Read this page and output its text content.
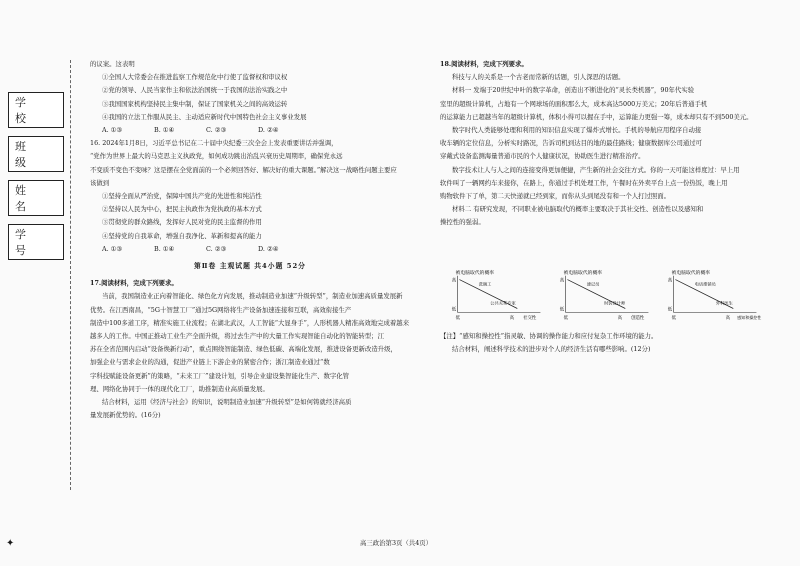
学 校
班 级
姓 名
学 号
的议案。这表明
①全国人大常委会在推进监察工作规范化中行使了监督权和审议权
②党的领导、人民当家作主和依法治国统一于我国的法治实践之中
③我国国家机构坚持民主集中制，保证了国家机关之间的高效运转
④我国的立法工作服从民主、主动适应新时代中国特色社会主义事业发展
A. ①③	B. ①④	C. ②③	D. ②④
16. 2024年1月8日，习近平总书记在二十届中央纪委三次全会上发表重要讲话并强调，
“党作为世界上最大的马克思主义执政党，如何成功跳出治乱兴衰历史周期率，确保党永远
不变质不变色不变味？这是摆在全党面前的一个必须回答好、解决好的重大课题。”解决这一战略性问题主要应
该做到
①坚持全面从严治党，保障中国共产党的先进性和纯洁性
②坚持以人民为中心，把民主执政作为党执政的基本方式
③贯彻党的群众路线，发挥好人民对党的民主监督的作用
④坚持党的自我革命，增强自我净化、革新和提高的能力
A. ①③	B. ①④	C. ②③	D. ②④
第Ⅱ卷 主观试题 共4小题 52分
17.阅读材料，完成下列要求。
当前，我国制造业正向着智能化、绿色化方向发展，推动制造业加速“升级转型”，制造业加速高质量发展新
优势。在江西南昌，“5G十智慧工厂”通过5G网络将生产设备加速连接和互联，高效衔接生产
制造中100多道工序，精准实施工业流程；在湖北武汉，人工智能“大显身手”，人形机器人精准高效地完成着越来
越多人的工作。中国正推动工业生产全面升级，将过去生产中的大量工作实现智能自动化的智能转型；江
苏在全省范围内启动“设备焕新行动”，重点围绕智能制造、绿色低碳、高端化发展，推进设备更新改造升级，
加强企业与需求企业的沟通，促进产业链上下游企业的紧密合作；浙江制造业通过“数
字科技赋能设备更新”的策略，“未来工厂”建设计划，引导企业建设集智能化生产、数字化管
理、网络化协同于一体的现代化工厂，助推制造业高质量发展。
结合材料，运用《经济与社会》的知识，说明制造业加速“升级转型”是如何铸就经济高质
量发展新优势的。(16分)
18.阅读材料，完成下列要求。
科技与人的关系是一个古老而常新的话题，引人深思的话题。
材料一 发端于20世纪中叶的数字革命，创造出不断进化的“灵长类机器”，90年代实验
室里的超级计算机，占地有一个网球场的面积那么大，成本高达5000万美元；20年后普通手机
的运算能力已超越当年的超级计算机，体积小得可以握在手中，运算能力更强一筹，成本却只有不到500美元。
数字时代人类能够处理和利用的知识信息实现了爆炸式增长。手机的导航应用程序自动接
收车辆的定位信息，分析实时路况，告诉司机到达目的地的最佳路线；健康数据库公司通过可
穿戴式设备监测海量普通市民的个人健康状况，协助医生进行精准治疗。
数字技术让人与人之间的连接变得更加便捷，产生新的社会交往方式。你的一天可能这样度过：早上用
软件叫了一辆网约车来接你，在路上，你通过手机处理工作，午餐时在外卖平台上点一份热饭，晚上用
购物软件下了单，第二天快递就已经到家，而你从头到尾没有和一个人打过照面。
材料二 有研究发现，不同职业被电脑取代的概率主要取决于其社交性、创造性以及感知和
操控性的强弱。
被电脑取代的概率
高
低
洗碗工
公共关系专家
低	高 社交性
被电脑取代的概率
高
低
速记员
时装设计师
低	高 创造性
被电脑取代的概率
高
低
电话推销员
外科医生
低	高 感知和操控性
【注】“感知和操控性”指灵敏、协调的操作能力和应付复杂工作环境的能力。
结合材料，阐述科学技术的进步对个人的经济生活有哪些影响。(12分)
高三政治第3页（共4页）
✦
